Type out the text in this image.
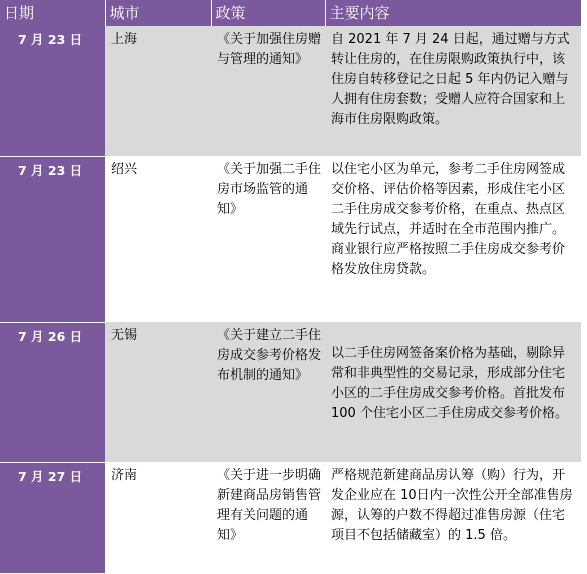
日期	城市	政策	主要内容
7 月 23 日	上海	《关于加强住房赠与管理的通知》	自 2021 年 7 月 24 日起，通过赠与方式转让住房的，在住房限购政策执行中，该住房自转移登记之日起 5 年内仍记入赠与人拥有住房套数；受赠人应符合国家和上海市住房限购政策。

7 月 23 日	绍兴	《关于加强二手住房市场监管的通知》	以住宅小区为单元，参考二手住房网签成交价格、评估价格等因素，形成住宅小区二手住房成交参考价格，在重点、热点区域先行试点，并适时在全市范围内推广。
商业银行应严格按照二手住房成交参考价格发放住房贷款。

7 月 26 日	无锡	《关于建立二手住房成交参考价格发布机制的通知》	以二手住房网签备案价格为基础，剔除异常和非典型性的交易记录，形成部分住宅小区的二手住房成交参考价格。首批发布 100 个住宅小区二手住房成交参考价格。

7 月 27 日	济南	《关于进一步明确新建商品房销售管理有关问题的通知》	严格规范新建商品房认筹（购）行为，开发企业应在 10日内一次性公开全部准售房源，认筹的户数不得超过准售房源（住宅项目不包括储藏室）的 1.5 倍。
